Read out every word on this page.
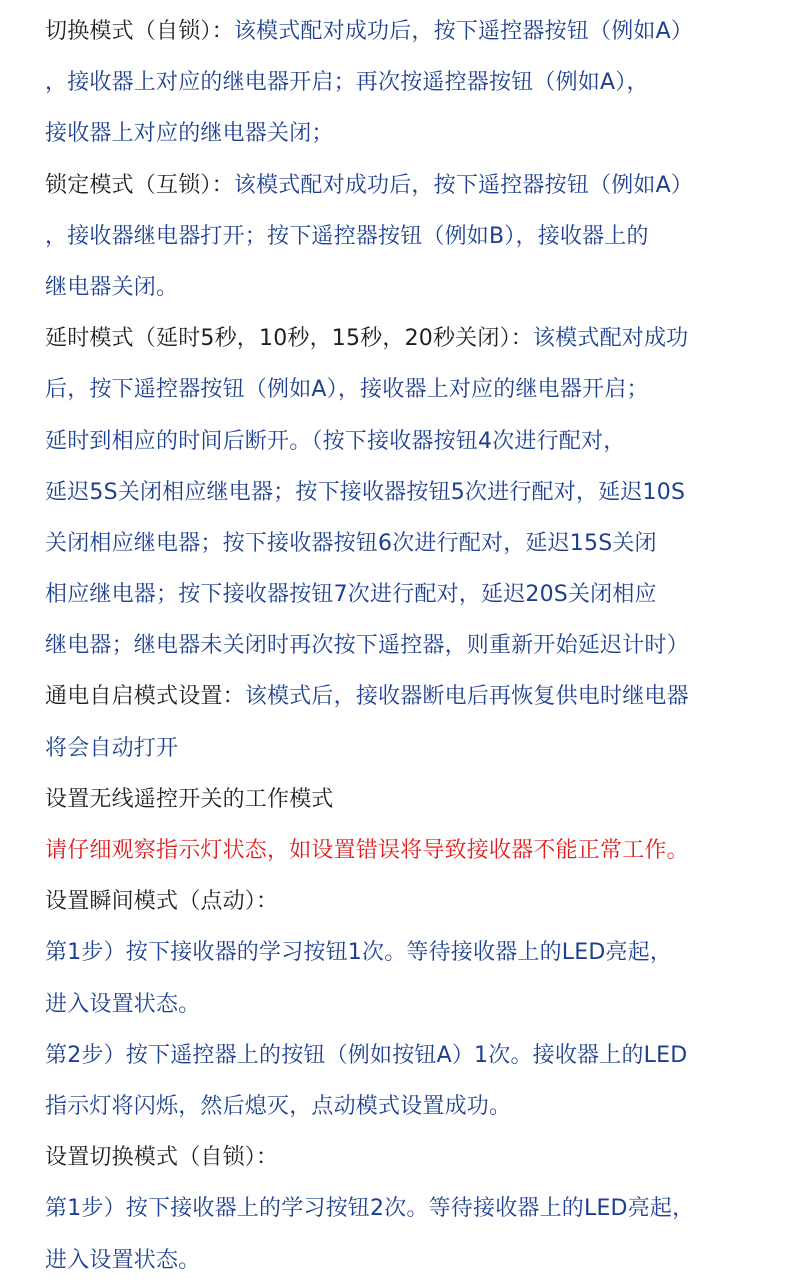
切换模式（自锁）：该模式配对成功后，按下遥控器按钮（例如A）
，接收器上对应的继电器开启；再次按遥控器按钮（例如A），
接收器上对应的继电器关闭；
锁定模式（互锁）：该模式配对成功后，按下遥控器按钮（例如A）
，接收器继电器打开；按下遥控器按钮（例如B），接收器上的
继电器关闭。
延时模式（延时5秒，10秒，15秒，20秒关闭）：该模式配对成功
后，按下遥控器按钮（例如A），接收器上对应的继电器开启；
延时到相应的时间后断开。（按下接收器按钮4次进行配对，
延迟5S关闭相应继电器；按下接收器按钮5次进行配对，延迟10S
关闭相应继电器；按下接收器按钮6次进行配对，延迟15S关闭
相应继电器；按下接收器按钮7次进行配对，延迟20S关闭相应
继电器；继电器未关闭时再次按下遥控器，则重新开始延迟计时）
通电自启模式设置：该模式后，接收器断电后再恢复供电时继电器
将会自动打开
设置无线遥控开关的工作模式
请仔细观察指示灯状态，如设置错误将导致接收器不能正常工作。
设置瞬间模式（点动）：
第1步）按下接收器的学习按钮1次。等待接收器上的LED亮起，
进入设置状态。
第2步）按下遥控器上的按钮（例如按钮A）1次。接收器上的LED
指示灯将闪烁，然后熄灭，点动模式设置成功。
设置切换模式（自锁）：
第1步）按下接收器上的学习按钮2次。等待接收器上的LED亮起，
进入设置状态。
